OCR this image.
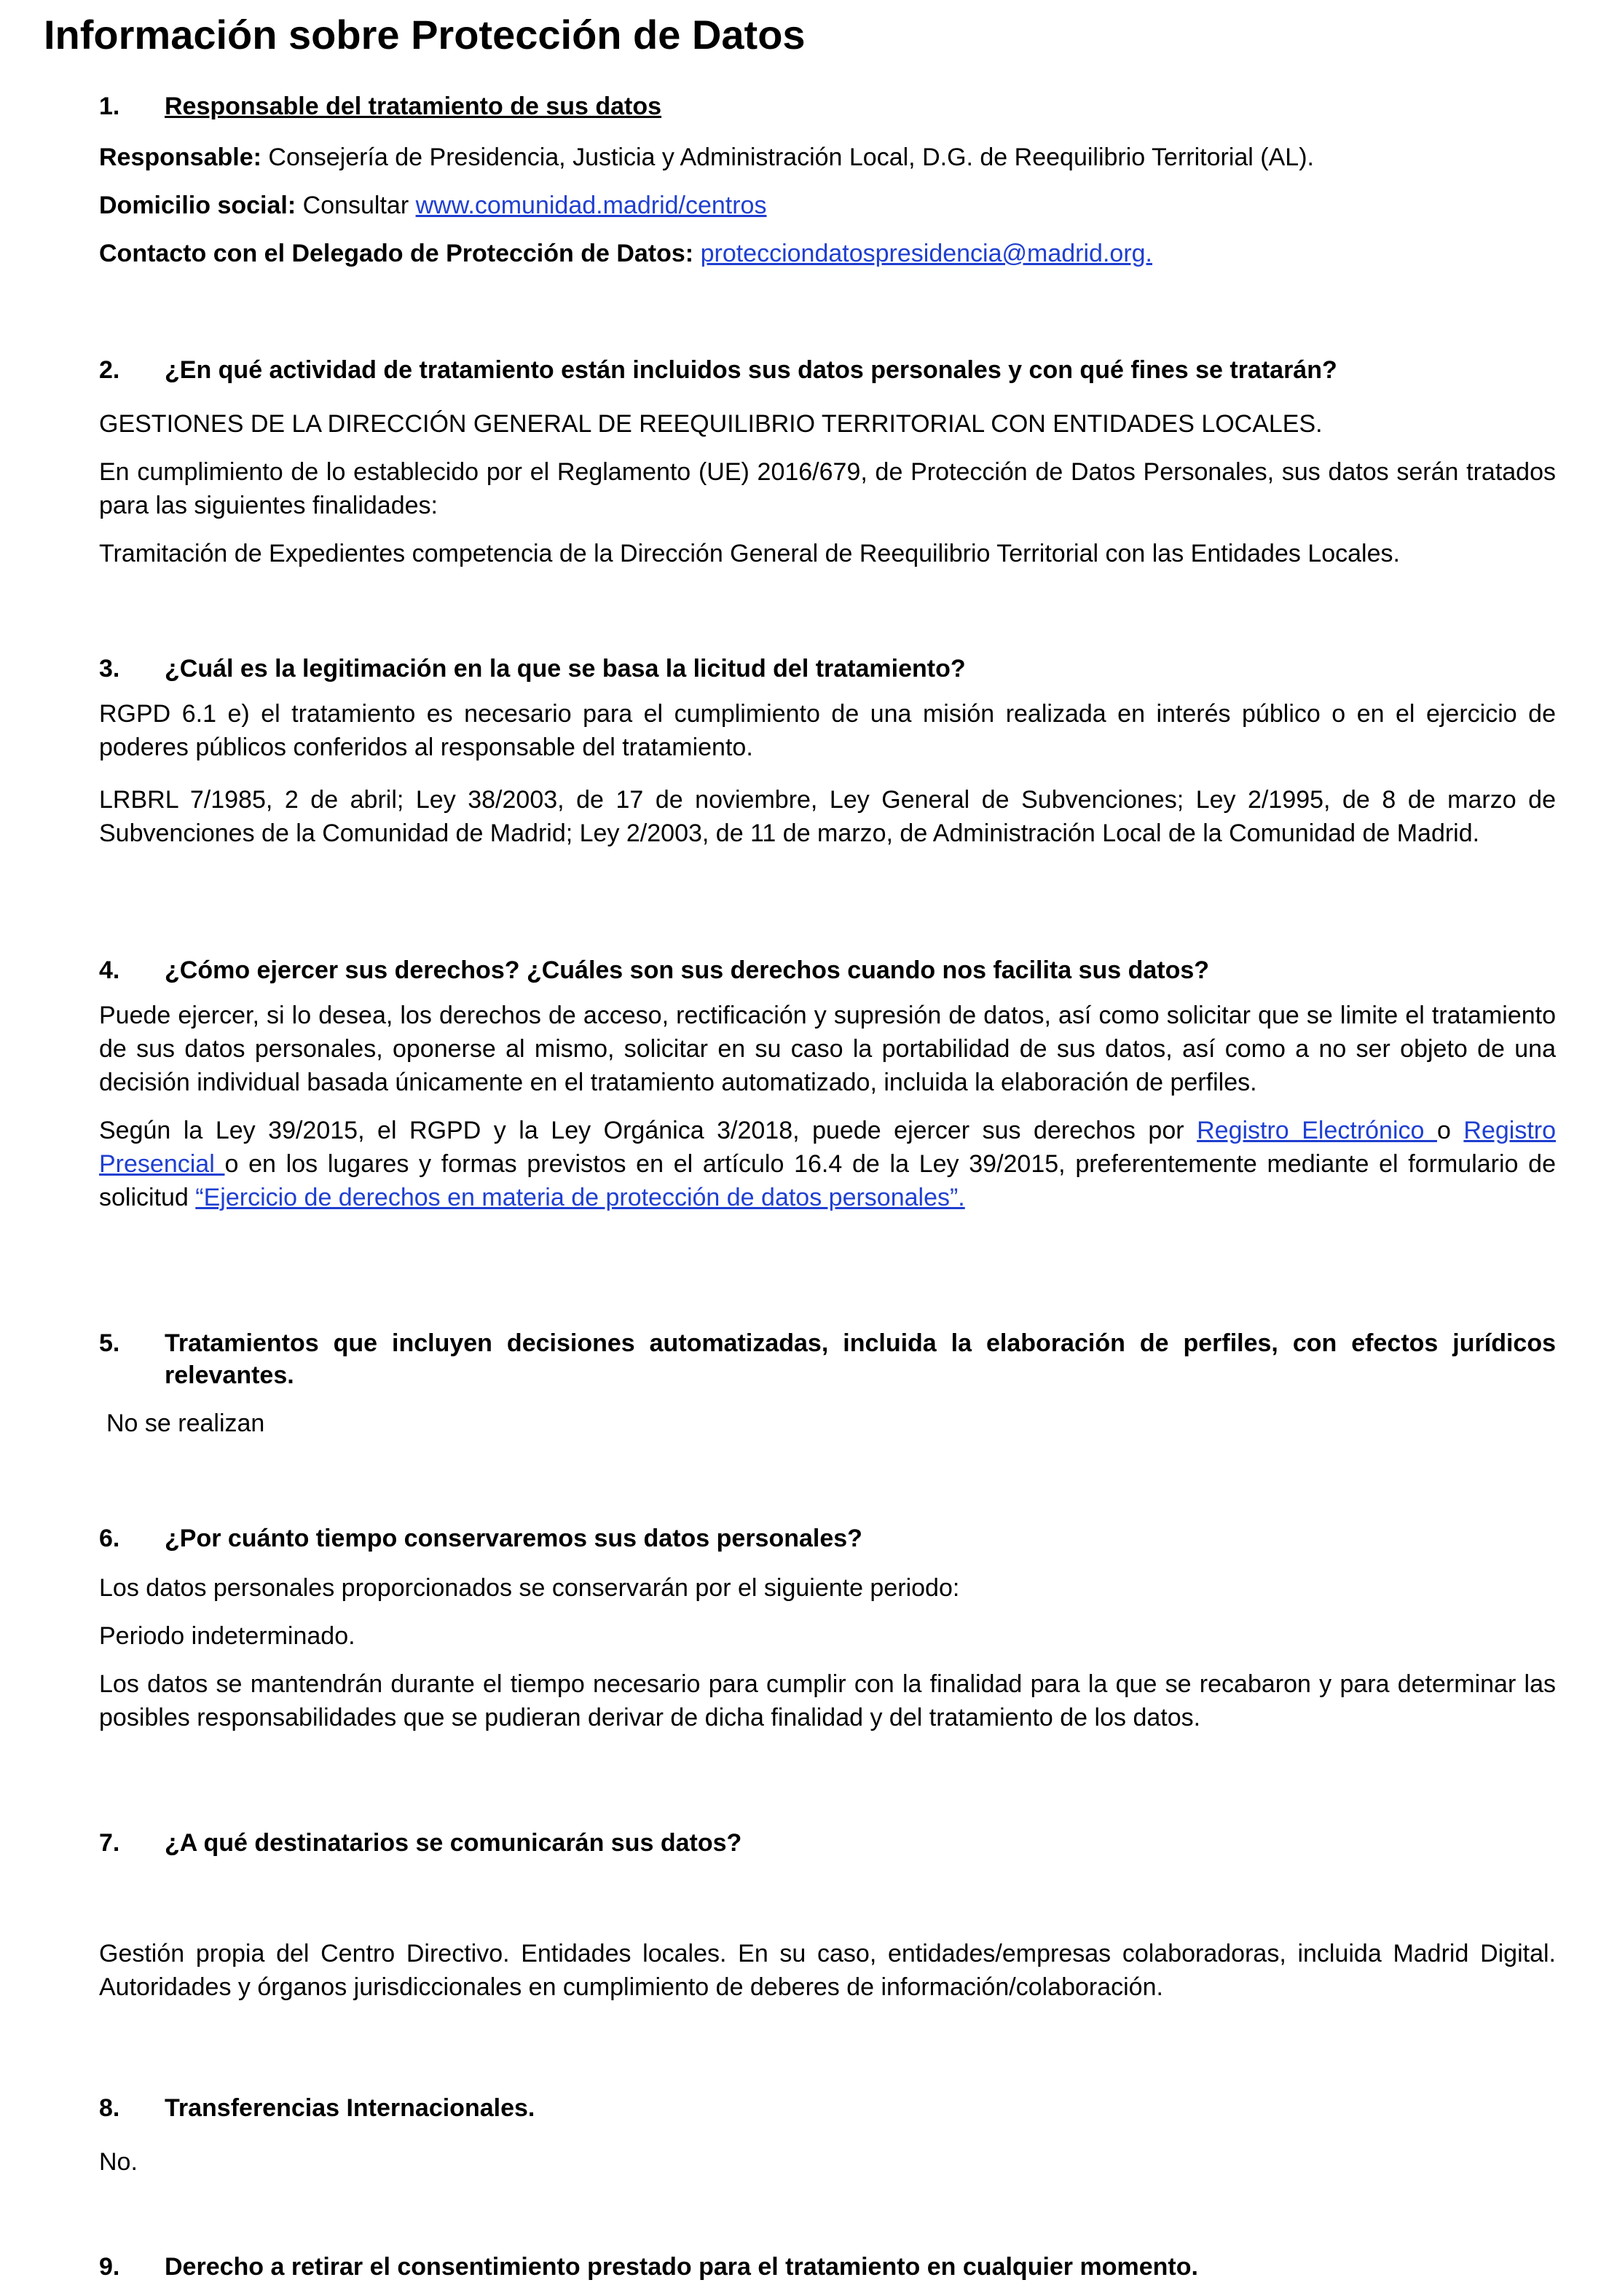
Información sobre Protección de Datos
1.	Responsable del tratamiento de sus datos

Responsable: Consejería de Presidencia, Justicia y Administración Local, D.G. de Reequilibrio Territorial (AL).

Domicilio social: Consultar www.comunidad.madrid/centros

Contacto con el Delegado de Protección de Datos: protecciondatospresidencia@madrid.org.

2.	¿En qué actividad de tratamiento están incluidos sus datos personales y con qué fines se tratarán?

GESTIONES DE LA DIRECCIÓN GENERAL DE REEQUILIBRIO TERRITORIAL CON ENTIDADES LOCALES.

En cumplimiento de lo establecido por el Reglamento (UE) 2016/679, de Protección de Datos Personales, sus datos serán tratados para las siguientes finalidades:

Tramitación de Expedientes competencia de la Dirección General de Reequilibrio Territorial con las Entidades Locales.

3.	¿Cuál es la legitimación en la que se basa la licitud del tratamiento?

RGPD 6.1 e) el tratamiento es necesario para el cumplimiento de una misión realizada en interés público o en el ejercicio de poderes públicos conferidos al responsable del tratamiento.

LRBRL 7/1985, 2 de abril; Ley 38/2003, de 17 de noviembre, Ley General de Subvenciones; Ley 2/1995, de 8 de marzo de Subvenciones de la Comunidad de Madrid; Ley 2/2003, de 11 de marzo, de Administración Local de la Comunidad de Madrid.

4.	¿Cómo ejercer sus derechos? ¿Cuáles son sus derechos cuando nos facilita sus datos?

Puede ejercer, si lo desea, los derechos de acceso, rectificación y supresión de datos, así como solicitar que se limite el tratamiento de sus datos personales, oponerse al mismo, solicitar en su caso la portabilidad de sus datos, así como a no ser objeto de una decisión individual basada únicamente en el tratamiento automatizado, incluida la elaboración de perfiles.

Según la Ley 39/2015, el RGPD y la Ley Orgánica 3/2018, puede ejercer sus derechos por Registro Electrónico o Registro Presencial o en los lugares y formas previstos en el artículo 16.4 de la Ley 39/2015, preferentemente mediante el formulario de solicitud “Ejercicio de derechos en materia de protección de datos personales”.

5.	Tratamientos que incluyen decisiones automatizadas, incluida la elaboración de perfiles, con efectos jurídicos relevantes.

No se realizan

6.	¿Por cuánto tiempo conservaremos sus datos personales?

Los datos personales proporcionados se conservarán por el siguiente periodo:

Periodo indeterminado.

Los datos se mantendrán durante el tiempo necesario para cumplir con la finalidad para la que se recabaron y para determinar las posibles responsabilidades que se pudieran derivar de dicha finalidad y del tratamiento de los datos.

7.	¿A qué destinatarios se comunicarán sus datos?

Gestión propia del Centro Directivo. Entidades locales. En su caso, entidades/empresas colaboradoras, incluida Madrid Digital. Autoridades y órganos jurisdiccionales en cumplimiento de deberes de información/colaboración.

8.	Transferencias Internacionales.

No.

9.	Derecho a retirar el consentimiento prestado para el tratamiento en cualquier momento.
